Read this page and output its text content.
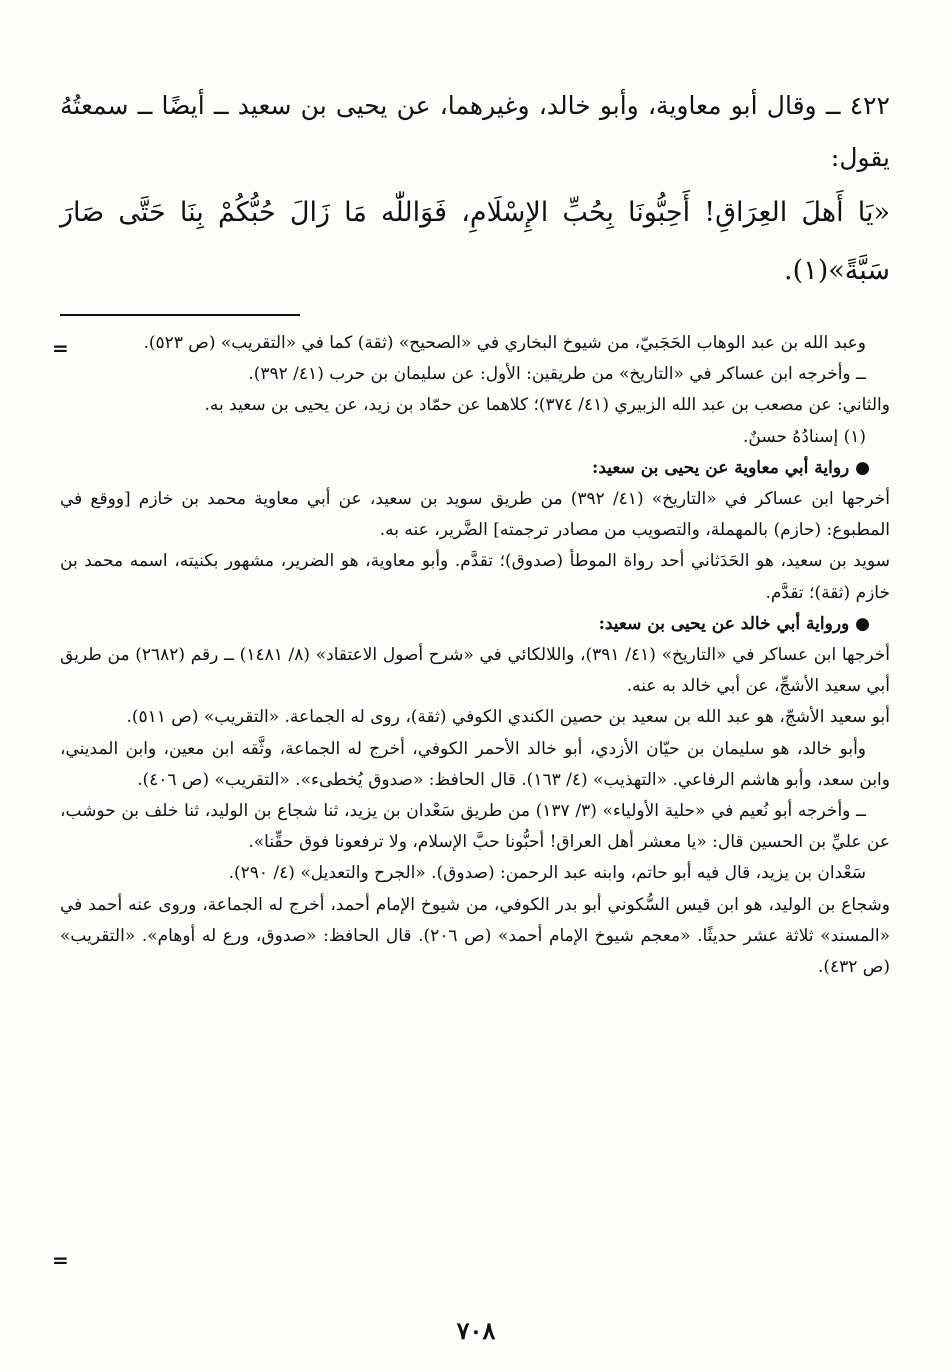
=
=

٤٢٢ ــ وقال أبو معاوية، وأبو خالد، وغيرهما، عن يحيى بن سعيد ــ أيضًا ــ سمعتُهُ يقول:

«يَا أَهلَ العِرَاقِ! أَحِبُّونَا بِحُبِّ الإِسْلَامِ، فَوَاللّٰه مَا زَالَ حُبُّكُمْ بِنَا حَتَّى صَارَ سَبَّةً»(١).

وعبد الله بن عبد الوهاب الحَجَبيّ، من شيوخ البخاري في «الصحيح» (ثقة) كما في «التقريب» (ص ٥٢٣).

ــ وأخرجه ابن عساكر في «التاريخ» من طريقين: الأول: عن سليمان بن حرب (٤١/ ٣٩٢).

والثاني: عن مصعب بن عبد الله الزبيري (٤١/ ٣٧٤)؛ كلاهما عن حمّاد بن زيد، عن يحيى بن سعيد به.

(١) إسنادُهُ حسنٌ.

● رواية أبي معاوية عن يحيى بن سعيد:

أخرجها ابن عساكر في «التاريخ» (٤١/ ٣٩٢) من طريق سويد بن سعيد، عن أبي معاوية محمد بن خازم [ووقع في المطبوع: (حازم) بالمهملة، والتصويب من مصادر ترجمته] الضَّرير، عنه به.

سويد بن سعيد، هو الحَدَثاني أحد رواة الموطأ (صدوق)؛ تقدَّم. وأبو معاوية، هو الضرير، مشهور بكنيته، اسمه محمد بن خازم (ثقة)؛ تقدَّم.

● ورواية أبي خالد عن يحيى بن سعيد:

أخرجها ابن عساكر في «التاريخ» (٤١/ ٣٩١)، واللالكائي في «شرح أصول الاعتقاد» (٨/ ١٤٨١) ــ رقم (٢٦٨٢) من طريق أبي سعيد الأشجِّ، عن أبي خالد به عنه.

أبو سعيد الأشجّ، هو عبد الله بن سعيد بن حصين الكندي الكوفي (ثقة)، روى له الجماعة. «التقريب» (ص ٥١١).

وأبو خالد، هو سليمان بن حيّان الأزدي، أبو خالد الأحمر الكوفي، أخرج له الجماعة، وثَّقه ابن معين، وابن المديني، وابن سعد، وأبو هاشم الرفاعي. «التهذيب» (٤/ ١٦٣). قال الحافظ: «صدوق يُخطىء». «التقريب» (ص ٤٠٦).

ــ وأخرجه أبو نُعيم في «حلية الأولياء» (٣/ ١٣٧) من طريق سَعْدان بن يزيد، ثنا شجاع بن الوليد، ثنا خلف بن حوشب، عن عليِّ بن الحسين قال: «يا معشر أهل العراق! أحبُّونا حبَّ الإسلام، ولا ترفعونا فوق حقِّنا».

سَعْدان بن يزيد، قال فيه أبو حاتم، وابنه عبد الرحمن: (صدوق). «الجرح والتعديل» (٤/ ٢٩٠).

وشجاع بن الوليد، هو ابن قيس السُّكوني أبو بدر الكوفي، من شيوخ الإمام أحمد، أخرج له الجماعة، وروى عنه أحمد في «المسند» ثلاثة عشر حديثًا. «معجم شيوخ الإمام أحمد» (ص ٢٠٦). قال الحافظ: «صدوق، ورع له أوهام». «التقريب» (ص ٤٣٢).

٧٠٨
